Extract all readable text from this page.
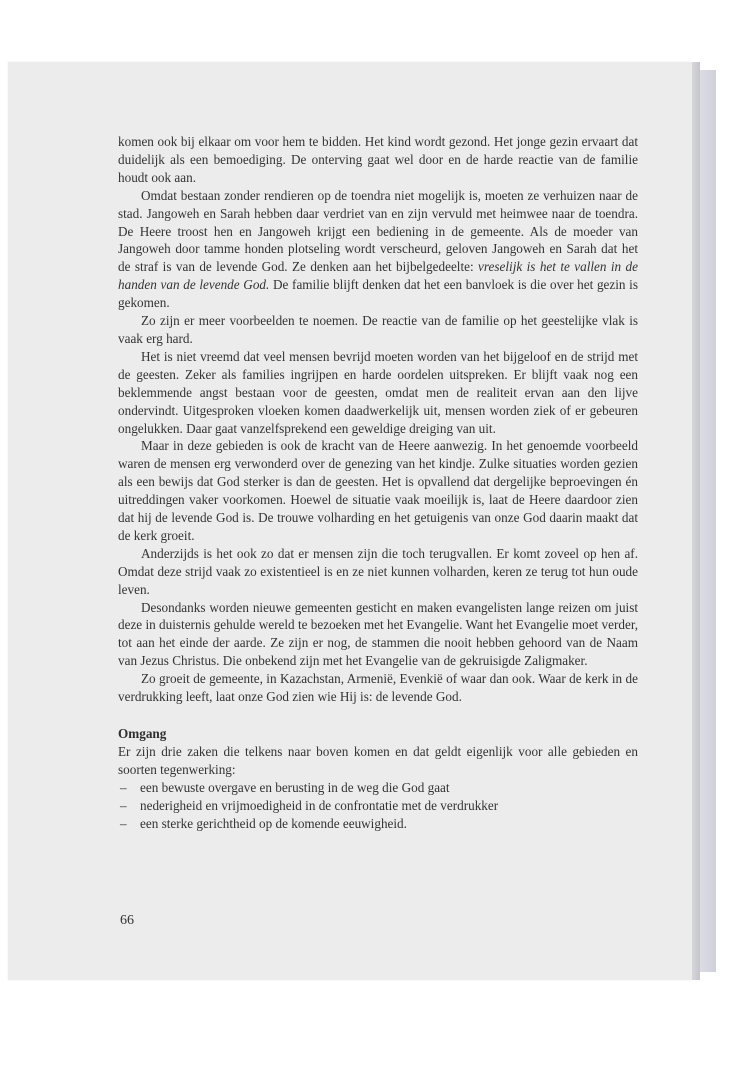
komen ook bij elkaar om voor hem te bidden. Het kind wordt gezond. Het jonge gezin ervaart dat duidelijk als een bemoediging. De onterving gaat wel door en de harde reactie van de familie houdt ook aan.

Omdat bestaan zonder rendieren op de toendra niet mogelijk is, moeten ze verhuizen naar de stad. Jangoweh en Sarah hebben daar verdriet van en zijn vervuld met heimwee naar de toendra. De Heere troost hen en Jangoweh krijgt een bediening in de gemeente. Als de moeder van Jangoweh door tamme honden plotseling wordt verscheurd, geloven Jangoweh en Sarah dat het de straf is van de levende God. Ze denken aan het bijbelgedeelte: vreselijk is het te vallen in de handen van de levende God. De familie blijft denken dat het een banvloek is die over het gezin is gekomen.

Zo zijn er meer voorbeelden te noemen. De reactie van de familie op het geestelijke vlak is vaak erg hard.

Het is niet vreemd dat veel mensen bevrijd moeten worden van het bijgeloof en de strijd met de geesten. Zeker als families ingrijpen en harde oordelen uitspreken. Er blijft vaak nog een beklemmende angst bestaan voor de geesten, omdat men de realiteit ervan aan den lijve ondervindt. Uitgesproken vloeken komen daadwerkelijk uit, mensen worden ziek of er gebeuren ongelukken. Daar gaat vanzelfsprekend een geweldige dreiging van uit.

Maar in deze gebieden is ook de kracht van de Heere aanwezig. In het genoemde voorbeeld waren de mensen erg verwonderd over de genezing van het kindje. Zulke situaties worden gezien als een bewijs dat God sterker is dan de geesten. Het is opvallend dat dergelijke beproevingen én uitreddingen vaker voorkomen. Hoewel de situatie vaak moeilijk is, laat de Heere daardoor zien dat hij de levende God is. De trouwe volharding en het getuigenis van onze God daarin maakt dat de kerk groeit.

Anderzijds is het ook zo dat er mensen zijn die toch terugvallen. Er komt zoveel op hen af. Omdat deze strijd vaak zo existentieel is en ze niet kunnen volharden, keren ze terug tot hun oude leven.

Desondanks worden nieuwe gemeenten gesticht en maken evangelisten lange reizen om juist deze in duisternis gehulde wereld te bezoeken met het Evangelie. Want het Evangelie moet verder, tot aan het einde der aarde. Ze zijn er nog, de stammen die nooit hebben gehoord van de Naam van Jezus Christus. Die onbekend zijn met het Evangelie van de gekruisigde Zaligmaker.

Zo groeit de gemeente, in Kazachstan, Armenië, Evenkië of waar dan ook. Waar de kerk in de verdrukking leeft, laat onze God zien wie Hij is: de levende God.

Omgang

Er zijn drie zaken die telkens naar boven komen en dat geldt eigenlijk voor alle gebieden en soorten tegenwerking:

– een bewuste overgave en berusting in de weg die God gaat
– nederigheid en vrijmoedigheid in de confrontatie met de verdrukker
– een sterke gerichtheid op de komende eeuwigheid.
66
